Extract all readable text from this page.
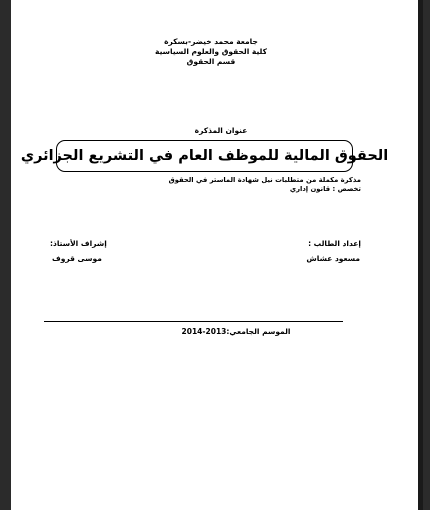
جامعة محمد خيضر-بسكرة
كلية الحقوق والعلوم السياسية
قسم الحقوق
عنوان المذكرة
الحقوق المالية للموظف العام في التشريع الجزائري
مذكرة مكملة من متطلبات نيل شهادة الماستر في الحقوق
تخصص : قانون إداري
إعداد الطالب :
مسعود عشاش
إشراف الأستاذ:
موسى قروف
الموسم الجامعي:2013-2014
